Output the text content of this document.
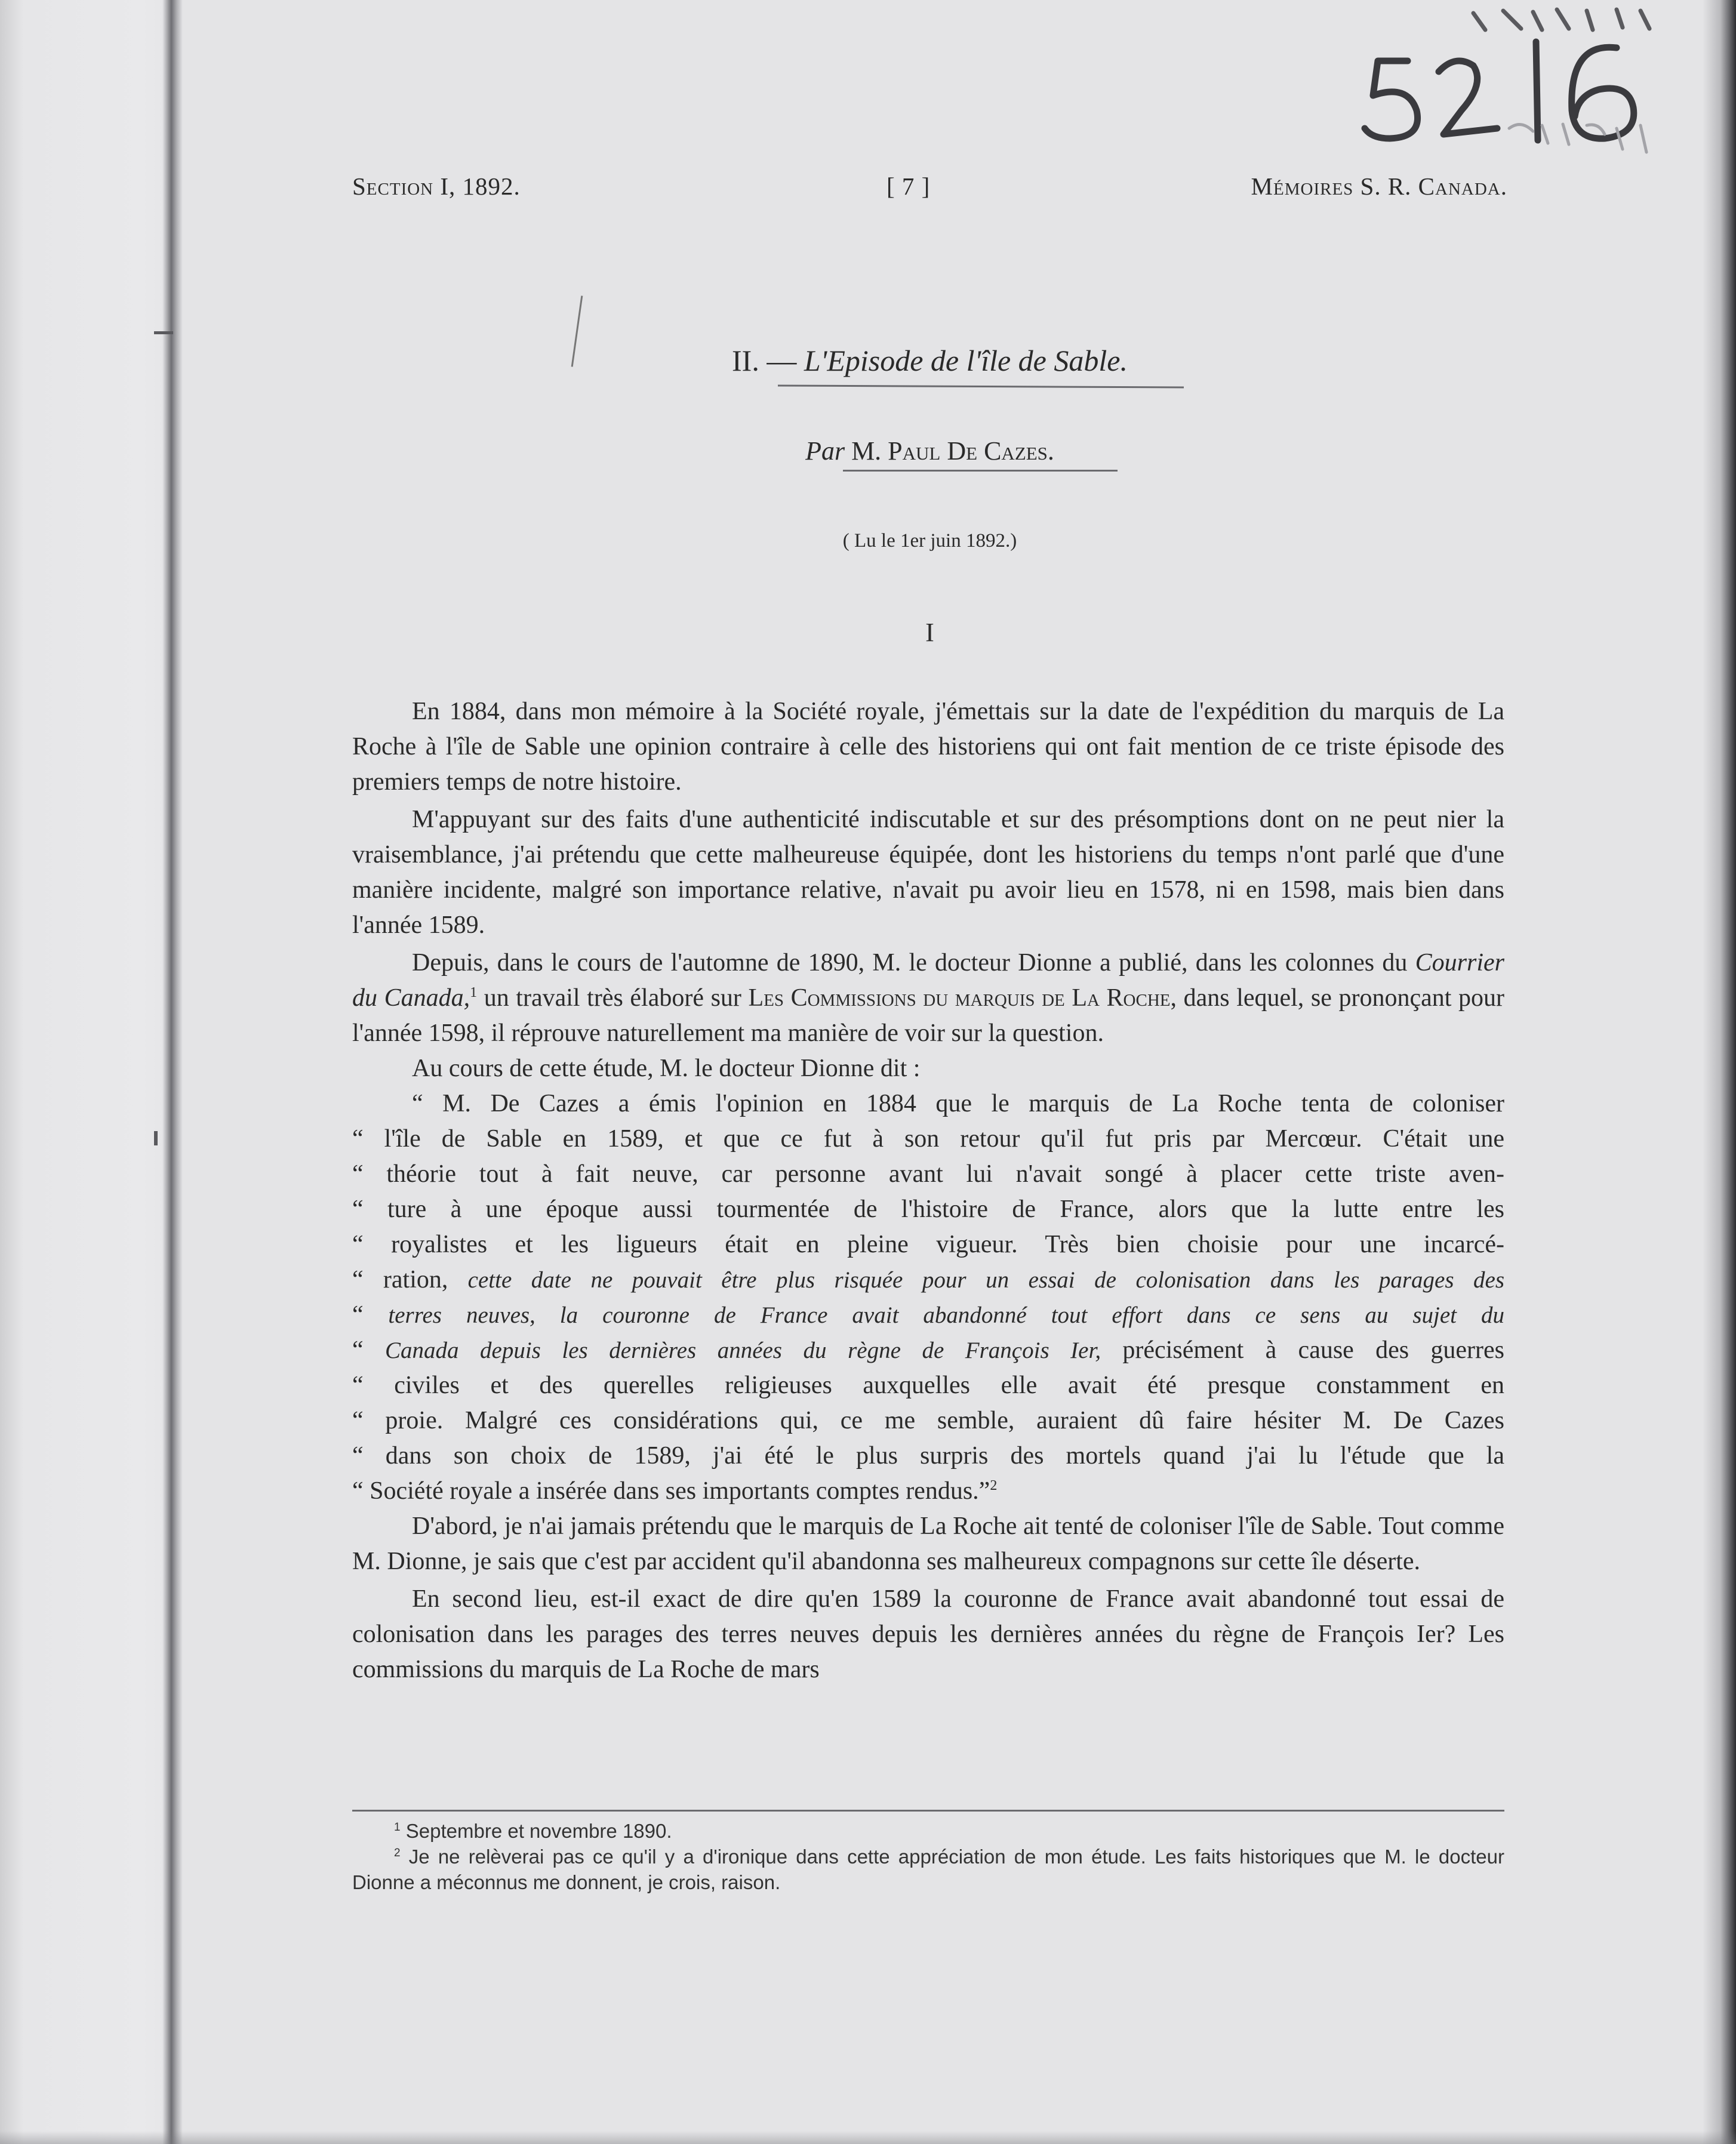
Section I, 1892.	[ 7 ]	Mémoires S. R. Canada.
II. — L'Episode de l'île de Sable.
Par M. Paul De Cazes.
( Lu le 1er juin 1892.)
I

En 1884, dans mon mémoire à la Société royale, j'émettais sur la date de l'expédition du marquis de La Roche à l'île de Sable une opinion contraire à celle des historiens qui ont fait mention de ce triste épisode des premiers temps de notre histoire.

M'appuyant sur des faits d'une authenticité indiscutable et sur des présomptions dont on ne peut nier la vraisemblance, j'ai prétendu que cette malheureuse équipée, dont les historiens du temps n'ont parlé que d'une manière incidente, malgré son importance relative, n'avait pu avoir lieu en 1578, ni en 1598, mais bien dans l'année 1589.

Depuis, dans le cours de l'automne de 1890, M. le docteur Dionne a publié, dans les colonnes du Courrier du Canada,$^1$ un travail très élaboré sur Les Commissions du marquis de La Roche, dans lequel, se prononçant pour l'année 1598, il réprouve naturellement ma manière de voir sur la question.

Au cours de cette étude, M. le docteur Dionne dit :

“ M. De Cazes a émis l'opinion en 1884 que le marquis de La Roche tenta de coloniser
“ l'île de Sable en 1589, et que ce fut à son retour qu'il fut pris par Mercœur. C'était une
“ théorie tout à fait neuve, car personne avant lui n'avait songé à placer cette triste aven-
“ ture à une époque aussi tourmentée de l'histoire de France, alors que la lutte entre les
“ royalistes et les ligueurs était en pleine vigueur. Très bien choisie pour une incarcé-
“ ration, cette date ne pouvait être plus risquée pour un essai de colonisation dans les parages des
“ terres neuves, la couronne de France avait abandonné tout effort dans ce sens au sujet du
“ Canada depuis les dernières années du règne de François Ier, précisément à cause des guerres
“ civiles et des querelles religieuses auxquelles elle avait été presque constamment en
“ proie. Malgré ces considérations qui, ce me semble, auraient dû faire hésiter M. De Cazes
“ dans son choix de 1589, j'ai été le plus surpris des mortels quand j'ai lu l'étude que la
“ Société royale a insérée dans ses importants comptes rendus.”$^2$

D'abord, je n'ai jamais prétendu que le marquis de La Roche ait tenté de coloniser l'île de Sable. Tout comme M. Dionne, je sais que c'est par accident qu'il abandonna ses malheureux compagnons sur cette île déserte.

En second lieu, est-il exact de dire qu'en 1589 la couronne de France avait abandonné tout essai de colonisation dans les parages des terres neuves depuis les dernières années du règne de François Ier? Les commissions du marquis de La Roche de mars

$^1$ Septembre et novembre 1890.

$^2$ Je ne relèverai pas ce qu'il y a d'ironique dans cette appréciation de mon étude. Les faits historiques que M. le docteur Dionne a méconnus me donnent, je crois, raison.
